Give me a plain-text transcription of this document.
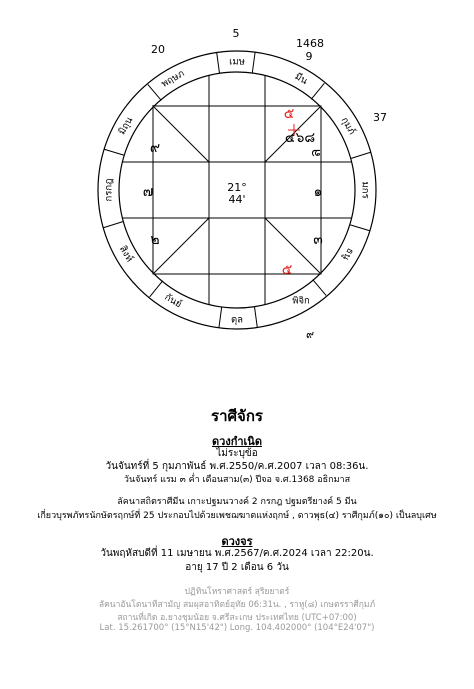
5
20	1468
9
37
๙
เมษ
มีน
กุมภ์
มกร
ธนู
พิจิก
ตุล
กันย์
สิงห์
กรกฎ
มิถุน
พฤษภ
๕
๔๖๘
ล
๑
๓
๕
๙
๗
๒
21°
44'
ราศีจักร
ดวงกำเนิด
ไม่ระบุข้อ
วันจันทร์ที่ 5 กุมภาพันธ์ พ.ศ.2550/ค.ศ.2007 เวลา 08:36น.
วันจันทร์ แรม ๓ ค่ำ เดือนสาม(๓) ปีจอ จ.ศ.1368 อธิกมาส
ลัคนาสถิตราศีมีน เกาะปฐมนวางค์ 2 กรกฎ ปฐมตรียางค์ 5 มีน
เกี่ยวบุรพภัทรนักษัตรฤกษ์ที่ 25 ประกอบไปด้วยเพชฌฆาตแห่งฤกษ์ , ดาวพุธ(๔) ราศีกุมภ์(๑๐) เป็นลบุเศษ
ดวงจร
วันพฤหัสบดีที่ 11 เมษายน พ.ศ.2567/ค.ศ.2024 เวลา 22:20น.
อายุ 17 ปี 2 เดือน 6 วัน
ปฏิทินโหราศาสตร์ สุริยยาตร์
ลัคนาอันโตนาทีสามัญ สมผุสอาทิตย์อุทัย 06:31น. , ราหู(๘) เกษตรราศีกุมภ์
สถานที่เกิด อ.ยางชุมน้อย จ.ศรีสะเกษ ประเทศไทย (UTC+07:00)
Lat. 15.261700° (15°N15'42") Long. 104.402000° (104°E24'07")
